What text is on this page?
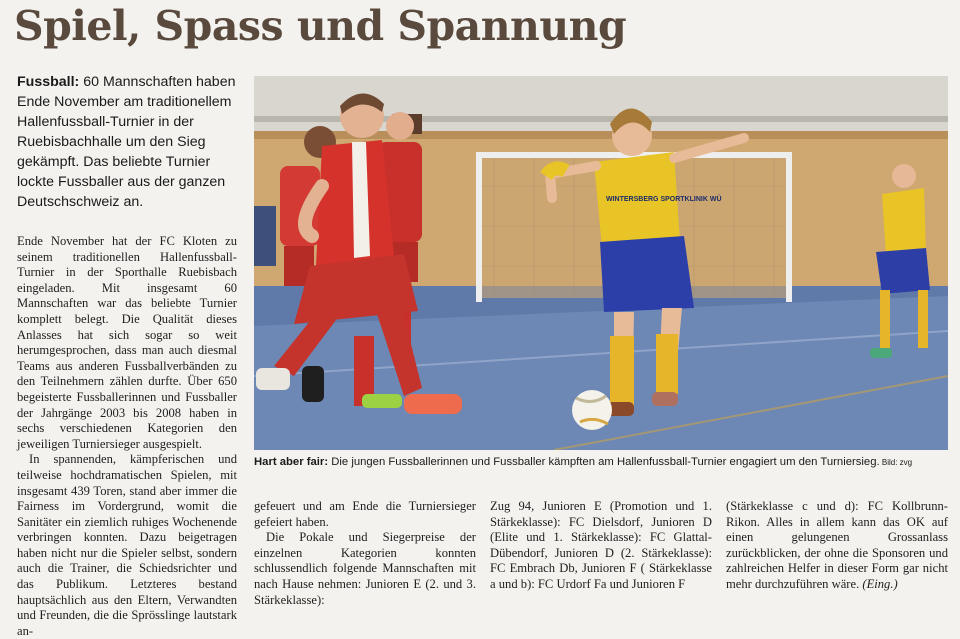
Spiel, Spass und Spannung
Fussball: 60 Mannschaften haben Ende November am traditionellem Hallenfussball-Turnier in der Ruebisbachhalle um den Sieg gekämpft. Das beliebte Turnier lockte Fussballer aus der ganzen Deutschschweiz an.

Ende November hat der FC Kloten zu seinem traditionellen Hallenfussball-Turnier in der Sporthalle Ruebisbach eingeladen. Mit insgesamt 60 Mannschaften war das beliebte Turnier komplett belegt. Die Qualität dieses Anlasses hat sich sogar so weit herumgesprochen, dass man auch diesmal Teams aus anderen Fussballverbänden zu den Teilnehmern zählen durfte. Über 650 begeisterte Fussballerinnen und Fussballer der Jahrgänge 2003 bis 2008 haben in sechs verschiedenen Kategorien den jeweiligen Turniersieger ausgespielt.

In spannenden, kämpferischen und teilweise hochdramatischen Spielen, mit insgesamt 439 Toren, stand aber immer die Fairness im Vordergrund, womit die Sanitäter ein ziemlich ruhiges Wochenende verbringen konnten. Dazu beigetragen haben nicht nur die Spieler selbst, sondern auch die Trainer, die Schiedsrichter und das Publikum. Letzteres bestand hauptsächlich aus den Eltern, Verwandten und Freunden, die die Sprösslinge lautstark an-

WINTERSBERG SPORTKLINIK WÜ
Hart aber fair: Die jungen Fussballerinnen und Fussballer kämpften am Hallenfussball-Turnier engagiert um den Turniersieg. Bild: zvg

gefeuert und am Ende die Turniersieger gefeiert haben.

Die Pokale und Siegerpreise der einzelnen Kategorien konnten schlussendlich folgende Mannschaften mit nach Hause nehmen: Junioren E (2. und 3. Stärkeklasse):

Zug 94, Junioren E (Promotion und 1. Stärkeklasse): FC Dielsdorf, Junioren D (Elite und 1. Stärkeklasse): FC Glattal-Dübendorf, Junioren D (2. Stärkeklasse): FC Embrach Db, Junioren F ( Stärkeklasse a und b): FC Urdorf Fa und Junioren F

(Stärkeklasse c und d): FC Kollbrunn-Rikon. Alles in allem kann das OK auf einen gelungenen Grossanlass zurückblicken, der ohne die Sponsoren und zahlreichen Helfer in dieser Form gar nicht mehr durchzuführen wäre. (Eing.)
